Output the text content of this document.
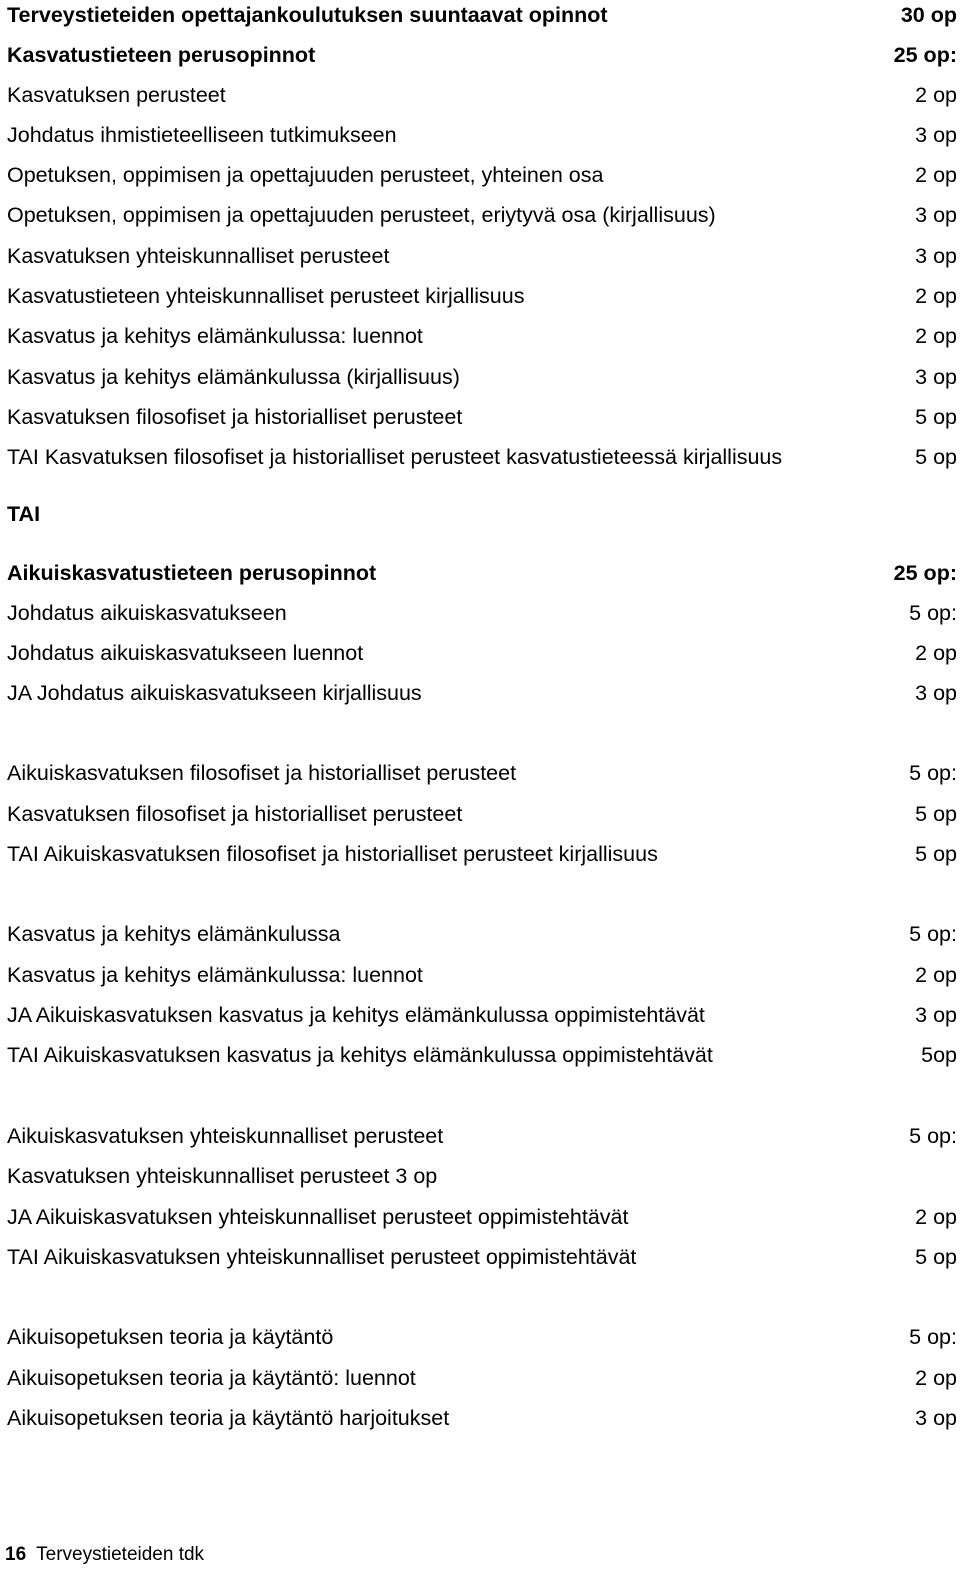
Terveystieteiden opettajankoulutuksen suuntaavat opinnot	30 op
Kasvatustieteen perusopinnot	25 op:
Kasvatuksen perusteet	2 op
Johdatus ihmistieteelliseen tutkimukseen	3 op
Opetuksen, oppimisen ja opettajuuden perusteet, yhteinen osa	2 op
Opetuksen, oppimisen ja opettajuuden perusteet, eriytyvä osa (kirjallisuus)	3 op
Kasvatuksen yhteiskunnalliset perusteet	3 op
Kasvatustieteen yhteiskunnalliset perusteet kirjallisuus	2 op
Kasvatus ja kehitys elämänkulussa: luennot	2 op
Kasvatus ja kehitys elämänkulussa (kirjallisuus)	3 op
Kasvatuksen filosofiset ja historialliset perusteet	5 op
TAI Kasvatuksen filosofiset ja historialliset perusteet kasvatustieteessä kirjallisuus	5 op
TAI
Aikuiskasvatustieteen perusopinnot	25 op:
Johdatus aikuiskasvatukseen	5 op:
Johdatus aikuiskasvatukseen luennot	2 op
JA Johdatus aikuiskasvatukseen kirjallisuus	3 op
Aikuiskasvatuksen filosofiset ja historialliset perusteet	5 op:
Kasvatuksen filosofiset ja historialliset perusteet	5 op
TAI Aikuiskasvatuksen filosofiset ja historialliset perusteet kirjallisuus	5 op
Kasvatus ja kehitys elämänkulussa	5 op:
Kasvatus ja kehitys elämänkulussa: luennot	2 op
JA Aikuiskasvatuksen kasvatus ja kehitys elämänkulussa oppimistehtävät	3 op
TAI Aikuiskasvatuksen kasvatus ja kehitys elämänkulussa oppimistehtävät	5op
Aikuiskasvatuksen yhteiskunnalliset perusteet	5 op:
Kasvatuksen yhteiskunnalliset perusteet 3 op
JA Aikuiskasvatuksen yhteiskunnalliset perusteet oppimistehtävät	2 op
TAI Aikuiskasvatuksen yhteiskunnalliset perusteet oppimistehtävät	5 op
Aikuisopetuksen teoria ja käytäntö	5 op:
Aikuisopetuksen teoria ja käytäntö: luennot	2 op
Aikuisopetuksen teoria ja käytäntö harjoitukset	3 op
16 Terveystieteiden tdk
